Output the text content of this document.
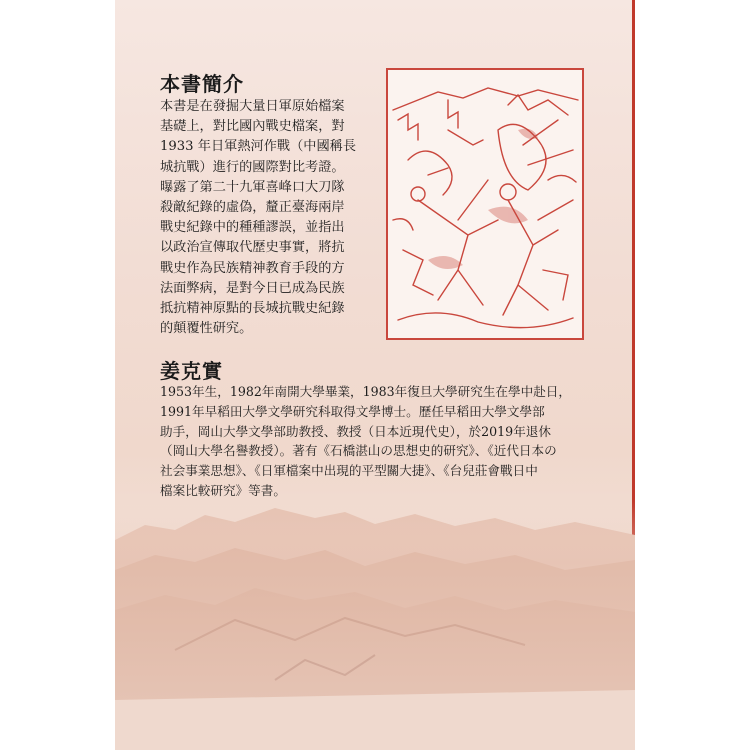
本書簡介
本書是在發掘大量日軍原始檔案
基礎上，對比國內戰史檔案，對
1933 年日軍熱河作戰（中國稱長
城抗戰）進行的國際對比考證。
曝露了第二十九軍喜峰口大刀隊
殺敵紀錄的虛偽，釐正臺海兩岸
戰史紀錄中的種種謬誤，並指出
以政治宣傳取代歷史事實，將抗
戰史作為民族精神教育手段的方
法面弊病，是對今日已成為民族
抵抗精神原點的長城抗戰史紀錄
的顛覆性研究。
姜克實
1953年生，1982年南開大學畢業，1983年復旦大學研究生在學中赴日，
1991年早稻田大學文學研究科取得文學博士。歷任早稻田大學文學部
助手，岡山大學文學部助教授、教授（日本近現代史），於2019年退休
（岡山大學名譽教授）。著有《石橋湛山の思想史的研究》、《近代日本の
社会事業思想》、《日軍檔案中出現的平型關大捷》、《台兒莊會戰日中
檔案比較研究》等書。
